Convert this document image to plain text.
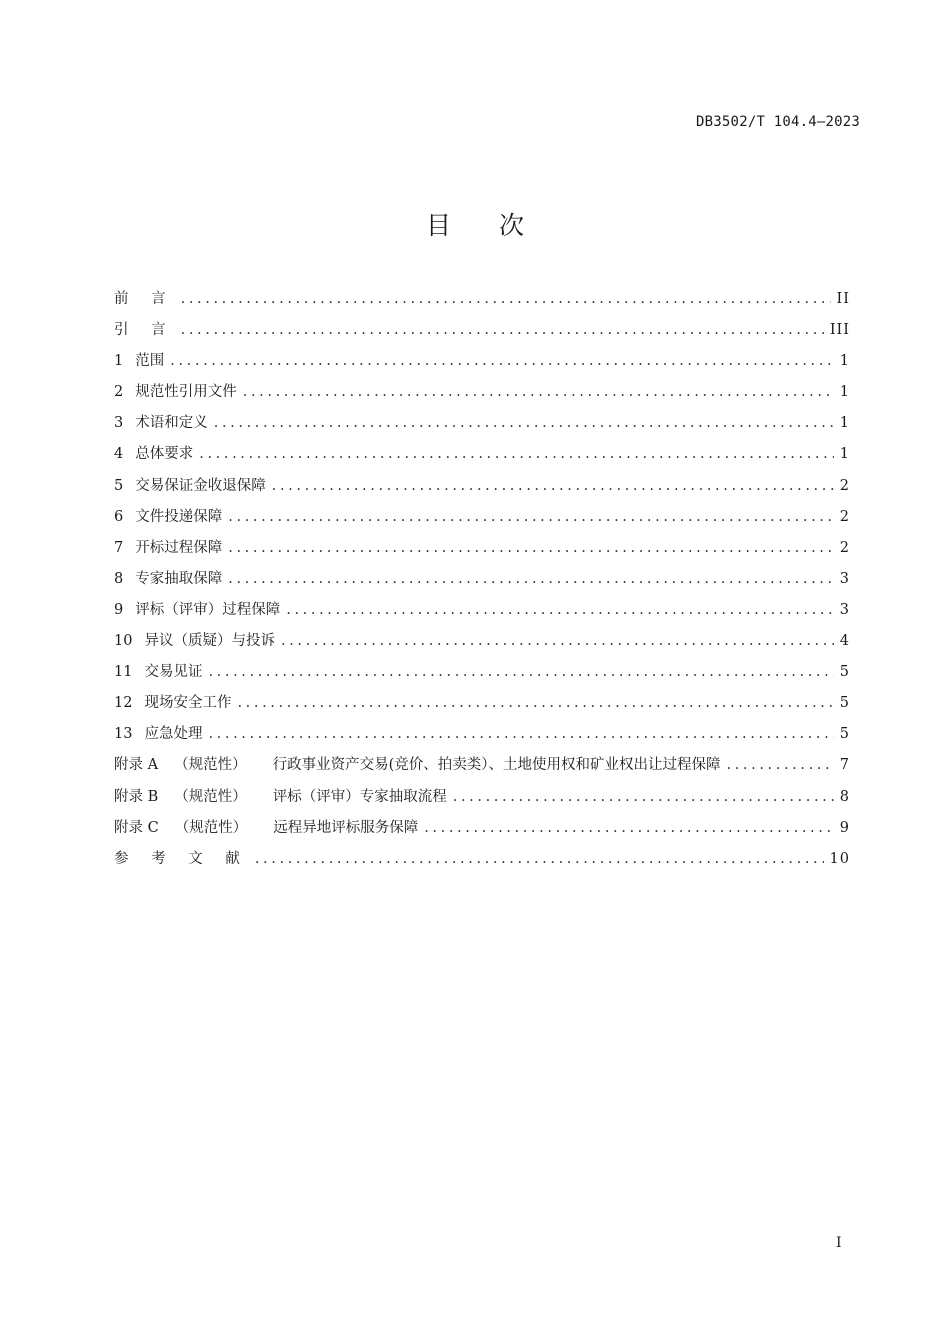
DB3502/T 104.4—2023
目 次
前 言 .....	II
引 言 .....	III
1 范围 .....	1
2 规范性引用文件 .....	1
3 术语和定义 .....	1
4 总体要求 .....	1
5 交易保证金收退保障 .....	2
6 文件投递保障 .....	2
7 开标过程保障 .....	2
8 专家抽取保障 .....	3
9 评标（评审）过程保障 .....	3
10 异议（质疑）与投诉 .....	4
11 交易见证 .....	5
12 现场安全工作 .....	5
13 应急处理 .....	5
附录 A （规范性） 行政事业资产交易(竞价、拍卖类）、土地使用权和矿业权出让过程保障 .....	7
附录 B （规范性） 评标（评审）专家抽取流程 .....	8
附录 C （规范性） 远程异地评标服务保障 .....	9
参 考 文 献 .....	10
I
